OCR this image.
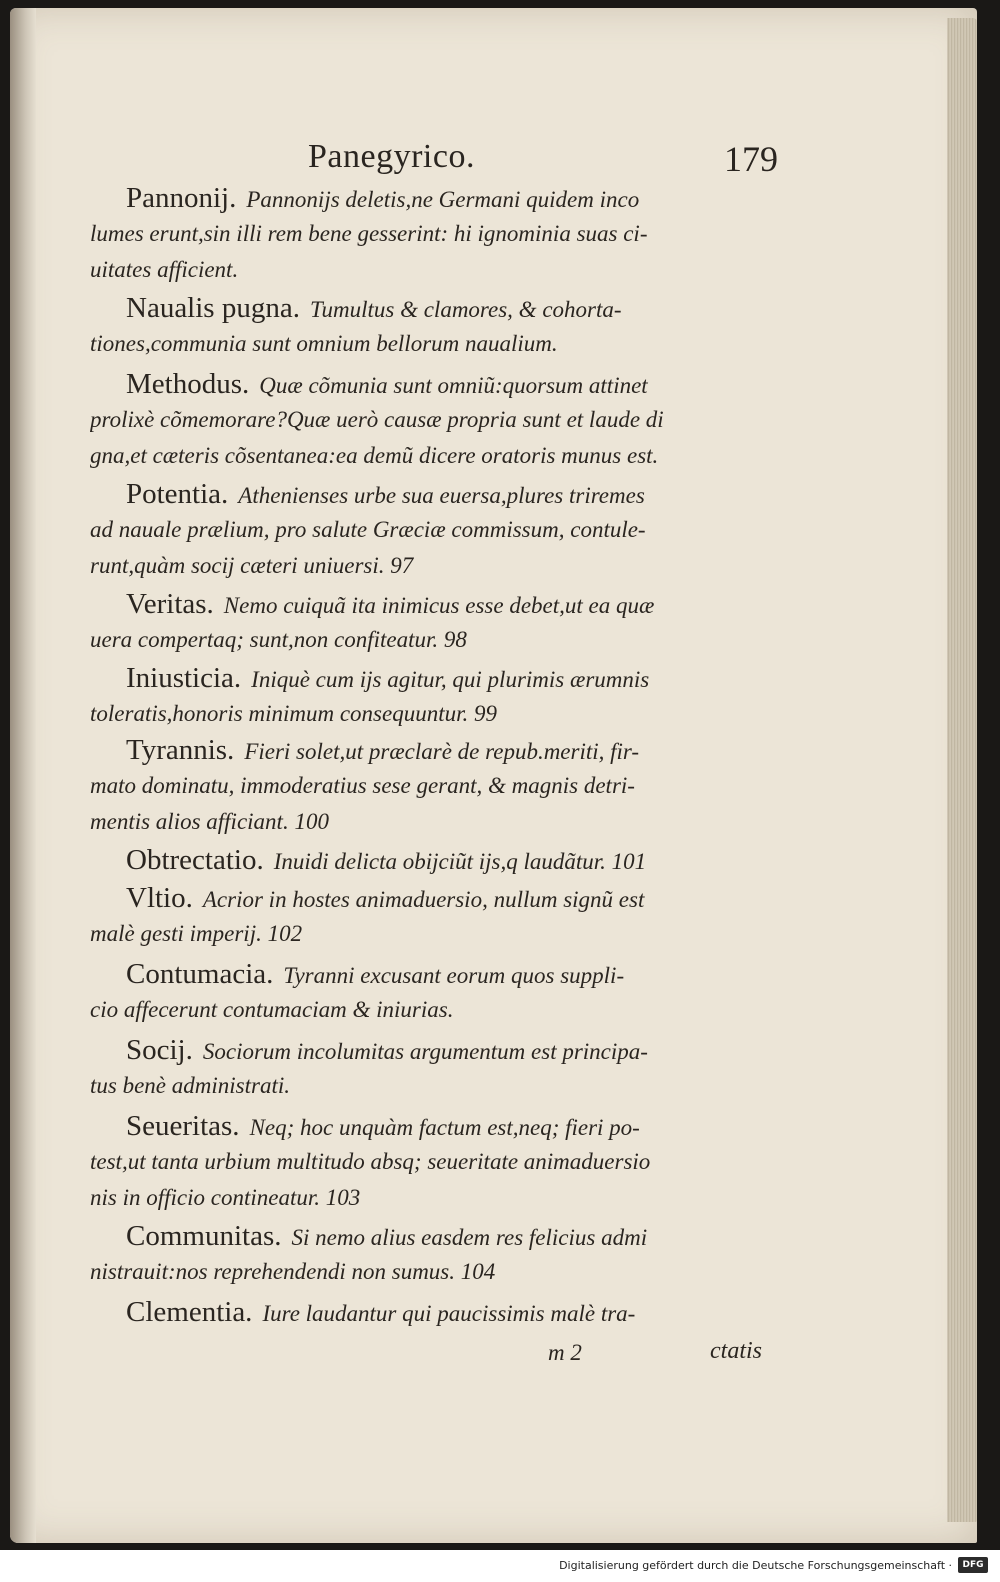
Panegyrico.	179
Pannonij. Pannonijs deletis,ne Germani quidem inco
lumes erunt,sin illi rem bene gesserint: hi ignominia suas ci-
uitates afficient.
Naualis pugna. Tumultus & clamores, & cohorta-
tiones,communia sunt omnium bellorum naualium.
Methodus. Quæ cõmunia sunt omniũ:quorsum attinet
prolixè cõmemorare?Quæ uerò causæ propria sunt et laude di
gna,et cæteris cõsentanea:ea demũ dicere oratoris munus est.
Potentia. Athenienses urbe sua euersa,plures triremes
ad nauale prælium, pro salute Græciæ commissum, contule-
runt,quàm socij cæteri uniuersi. 97
Veritas. Nemo cuiquã ita inimicus esse debet,ut ea quæ
uera compertaq; sunt,non confiteatur. 98
Iniusticia. Iniquè cum ijs agitur, qui plurimis ærumnis
toleratis,honoris minimum consequuntur. 99
Tyrannis. Fieri solet,ut præclarè de repub.meriti, fir-
mato dominatu, immoderatius sese gerant, & magnis detri-
mentis alios afficiant. 100
Obtrectatio. Inuidi delicta obijciũt ijs,q laudãtur. 101
Vltio. Acrior in hostes animaduersio, nullum signũ est
malè gesti imperij. 102
Contumacia. Tyranni excusant eorum quos suppli-
cio affecerunt contumaciam & iniurias.
Socij. Sociorum incolumitas argumentum est principa-
tus benè administrati.
Seueritas. Neq; hoc unquàm factum est,neq; fieri po-
test,ut tanta urbium multitudo absq; seueritate animaduersio
nis in officio contineatur. 103
Communitas. Si nemo alius easdem res felicius admi
nistrauit:nos reprehendendi non sumus. 104
Clementia. Iure laudantur qui paucissimis malè tra-
m 2	ctatis
Digitalisierung gefördert durch die Deutsche Forschungsgemeinschaft ·	DFG
